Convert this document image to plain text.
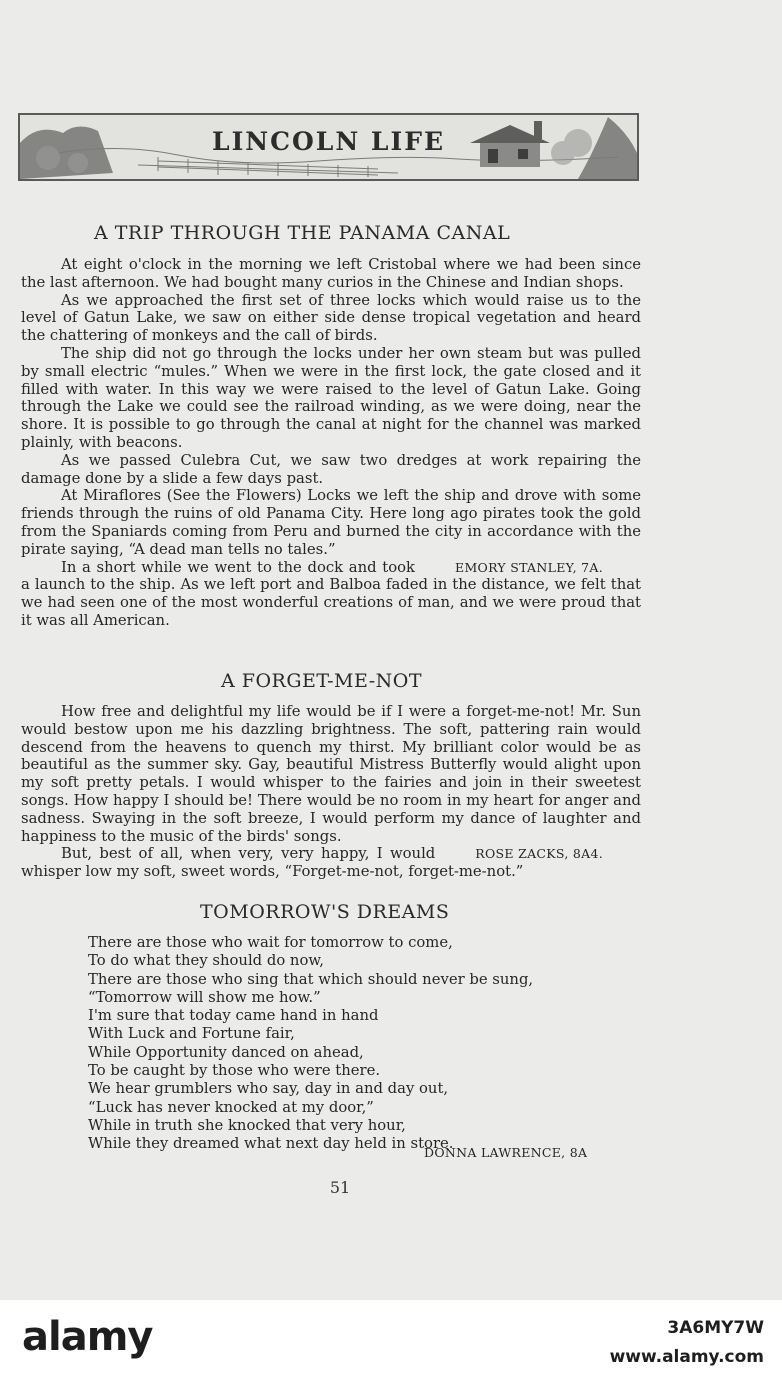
LINCOLN LIFE
A TRIP THROUGH THE PANAMA CANAL

At eight o'clock in the morning we left Cristobal where we had been since the last afternoon. We had bought many curios in the Chinese and Indian shops.

As we approached the first set of three locks which would raise us to the level of Gatun Lake, we saw on either side dense tropical vegetation and heard the chattering of monkeys and the call of birds.

The ship did not go through the locks under her own steam but was pulled by small electric “mules.” When we were in the first lock, the gate closed and it filled with water. In this way we were raised to the level of Gatun Lake. Going through the Lake we could see the railroad winding, as we were doing, near the shore. It is possible to go through the canal at night for the channel was marked plainly, with beacons.

As we passed Culebra Cut, we saw two dredges at work repairing the damage done by a slide a few days past.

At Miraflores (See the Flowers) Locks we left the ship and drove with some friends through the ruins of old Panama City. Here long ago pirates took the gold from the Spaniards coming from Peru and burned the city in accordance with the pirate saying, “A dead man tells no tales.”

EMORY STANLEY, 7A.
In a short while we went to the dock and took a launch to the ship. As we left port and Balboa faded in the distance, we felt that we had seen one of the most wonderful creations of man, and we were proud that it was all American.

A FORGET-ME-NOT

How free and delightful my life would be if I were a forget-me-not! Mr. Sun would bestow upon me his dazzling brightness. The soft, pattering rain would descend from the heavens to quench my thirst. My brilliant color would be as beautiful as the summer sky. Gay, beautiful Mistress Butterfly would alight upon my soft pretty petals. I would whisper to the fairies and join in their sweetest songs. How happy I should be! There would be no room in my heart for anger and sadness. Swaying in the soft breeze, I would perform my dance of laughter and happiness to the music of the birds' songs.

ROSE ZACKS, 8A4.
But, best of all, when very, very happy, I would whisper low my soft, sweet words, “Forget-me-not, forget-me-not.”

TOMORROW'S DREAMS
There are those who wait for tomorrow to come,
To do what they should do now,
There are those who sing that which should never be sung,
“Tomorrow will show me how.”
I'm sure that today came hand in hand
With Luck and Fortune fair,
While Opportunity danced on ahead,
To be caught by those who were there.
We hear grumblers who say, day in and day out,
“Luck has never knocked at my door,”
While in truth she knocked that very hour,
While they dreamed what next day held in store.
DONNA LAWRENCE, 8A
51
alamy	3A6MY7W
www.alamy.com
